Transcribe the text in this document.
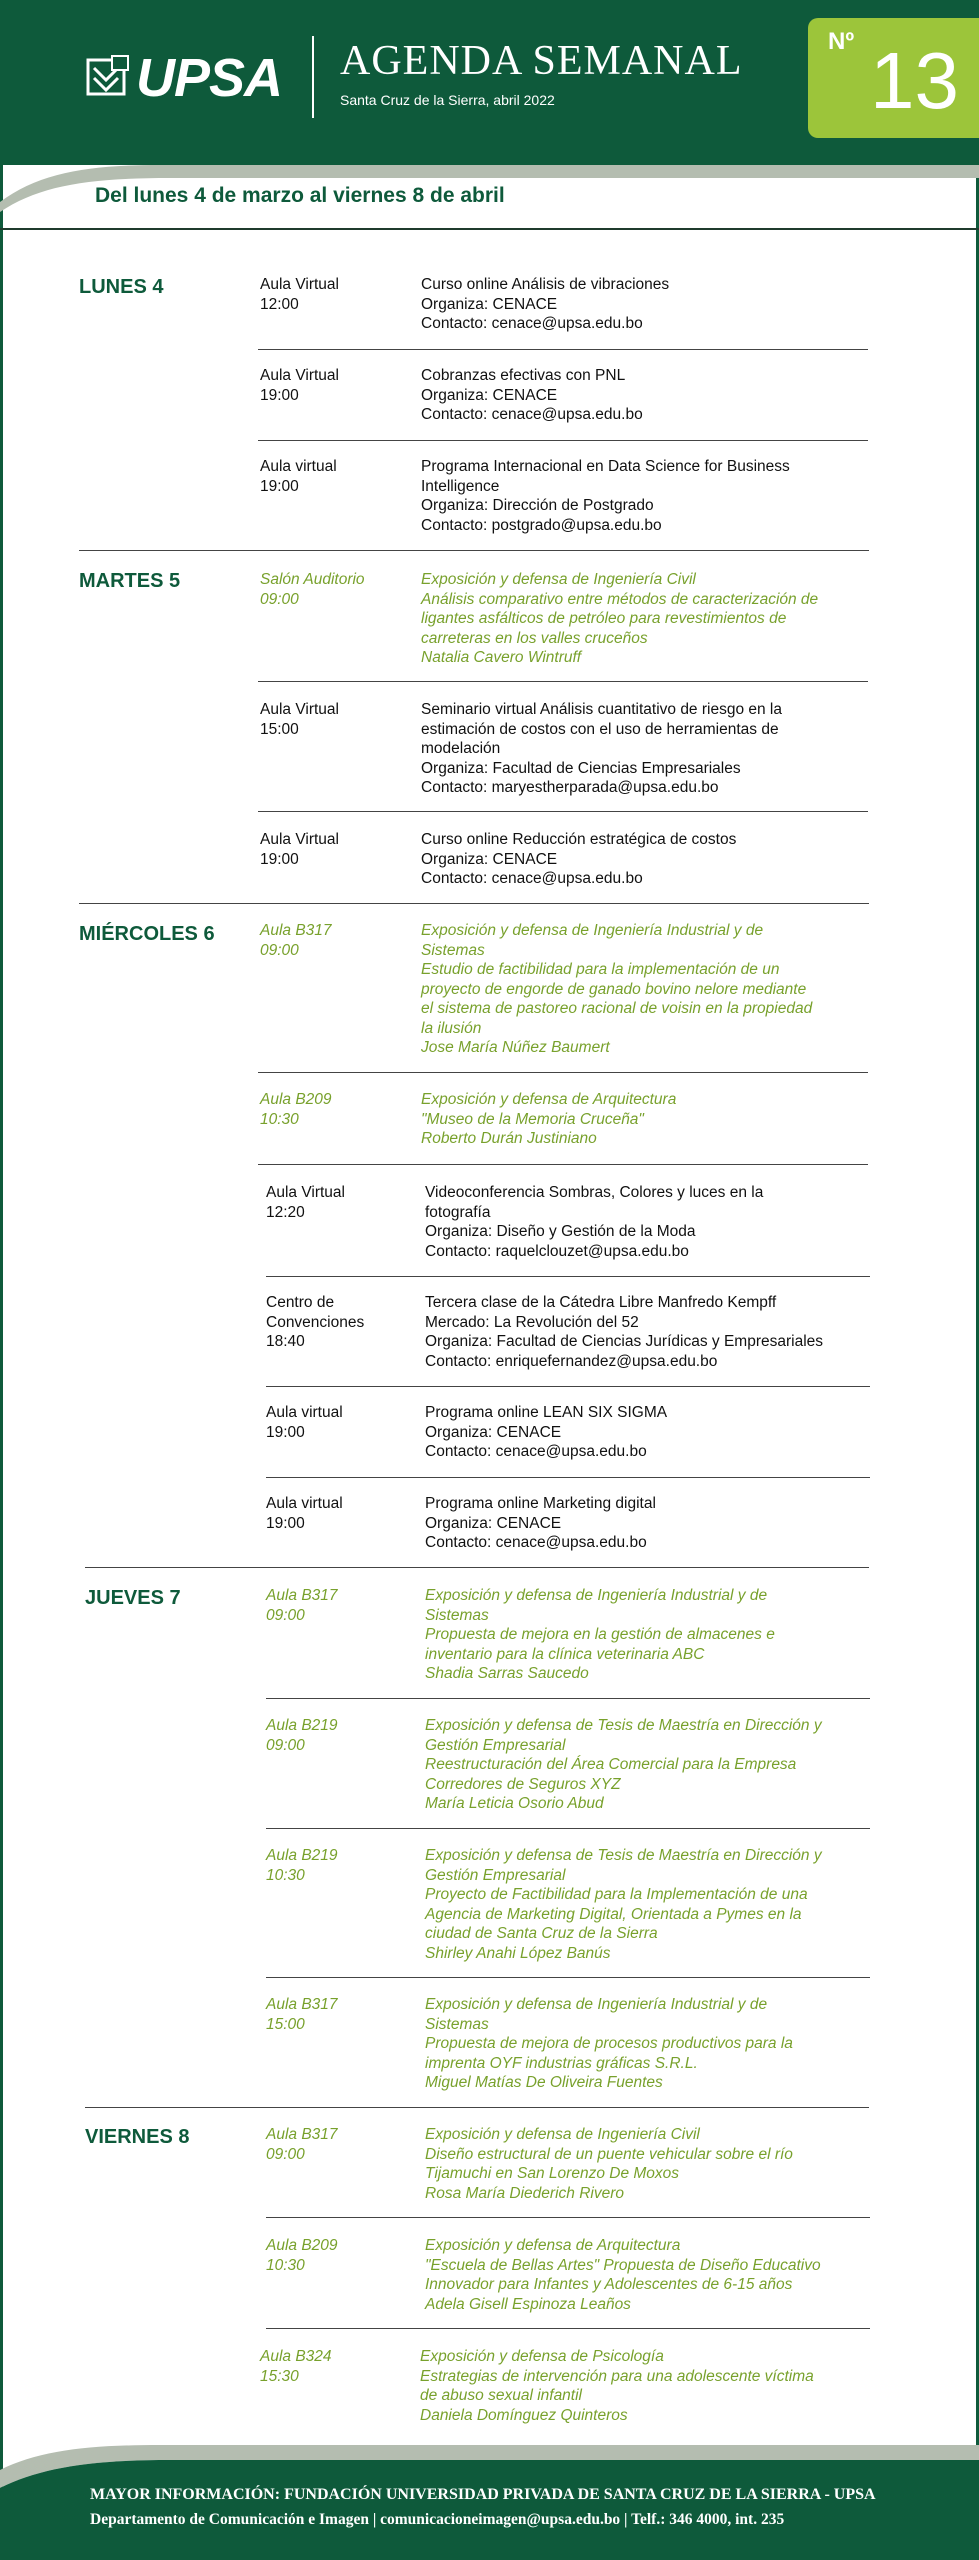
UPSA AGENDA SEMANAL
Santa Cruz de la Sierra, abril 2022
Nº 13
Del lunes 4 de marzo al viernes 8 de abril
LUNES 4
MARTES 5
MIÉRCOLES 6
JUEVES 7
VIERNES 8
Aula Virtual
12:00
Curso online Análisis de vibraciones
Organiza: CENACE
Contacto: cenace@upsa.edu.bo
Aula Virtual
19:00
Cobranzas efectivas con PNL
Organiza: CENACE
Contacto: cenace@upsa.edu.bo
Aula virtual
19:00
Programa Internacional en Data Science for Business
Intelligence
Organiza: Dirección de Postgrado
Contacto: postgrado@upsa.edu.bo
Salón Auditorio
09:00
Exposición y defensa de Ingeniería Civil
Análisis comparativo entre métodos de caracterización de
ligantes asfálticos de petróleo para revestimientos de
carreteras en los valles cruceños
Natalia Cavero Wintruff
Aula Virtual
15:00
Seminario virtual Análisis cuantitativo de riesgo en la
estimación de costos con el uso de herramientas de
modelación
Organiza: Facultad de Ciencias Empresariales
Contacto: maryestherparada@upsa.edu.bo
Aula Virtual
19:00
Curso online Reducción estratégica de costos
Organiza: CENACE
Contacto: cenace@upsa.edu.bo
Aula B317
09:00
Exposición y defensa de Ingeniería Industrial y de
Sistemas
Estudio de factibilidad para la implementación de un
proyecto de engorde de ganado bovino nelore mediante
el sistema de pastoreo racional de voisin en la propiedad
la ilusión
Jose María Núñez Baumert
Aula B209
10:30
Exposición y defensa de Arquitectura
"Museo de la Memoria Cruceña"
Roberto Durán Justiniano
Aula Virtual
12:20
Videoconferencia Sombras, Colores y luces en la
fotografía
Organiza: Diseño y Gestión de la Moda
Contacto: raquelclouzet@upsa.edu.bo
Centro de
Convenciones
18:40
Tercera clase de la Cátedra Libre Manfredo Kempff
Mercado: La Revolución del 52
Organiza: Facultad de Ciencias Jurídicas y Empresariales
Contacto: enriquefernandez@upsa.edu.bo
Aula virtual
19:00
Programa online LEAN SIX SIGMA
Organiza: CENACE
Contacto: cenace@upsa.edu.bo
Aula virtual
19:00
Programa online Marketing digital
Organiza: CENACE
Contacto: cenace@upsa.edu.bo
Aula B317
09:00
Exposición y defensa de Ingeniería Industrial y de
Sistemas
Propuesta de mejora en la gestión de almacenes e
inventario para la clínica veterinaria ABC
Shadia Sarras Saucedo
Aula B219
09:00
Exposición y defensa de Tesis de Maestría en Dirección y
Gestión Empresarial
Reestructuración del Área Comercial para la Empresa
Corredores de Seguros XYZ
María Leticia Osorio Abud
Aula B219
10:30
Exposición y defensa de Tesis de Maestría en Dirección y
Gestión Empresarial
Proyecto de Factibilidad para la Implementación de una
Agencia de Marketing Digital, Orientada a Pymes en la
ciudad de Santa Cruz de la Sierra
Shirley Anahi López Banús
Aula B317
15:00
Exposición y defensa de Ingeniería Industrial y de
Sistemas
Propuesta de mejora de procesos productivos para la
imprenta OYF industrias gráficas S.R.L.
Miguel Matías De Oliveira Fuentes
Aula B317
09:00
Exposición y defensa de Ingeniería Civil
Diseño estructural de un puente vehicular sobre el río
Tijamuchi en San Lorenzo De Moxos
Rosa María Diederich Rivero
Aula B209
10:30
Exposición y defensa de Arquitectura
"Escuela de Bellas Artes" Propuesta de Diseño Educativo
Innovador para Infantes y Adolescentes de 6-15 años
Adela Gisell Espinoza Leaños
Aula B324
15:30
Exposición y defensa de Psicología
Estrategias de intervención para una adolescente víctima
de abuso sexual infantil
Daniela Domínguez Quinteros
MAYOR INFORMACIÓN: FUNDACIÓN UNIVERSIDAD PRIVADA DE SANTA CRUZ DE LA SIERRA - UPSA
Departamento de Comunicación e Imagen | comunicacioneimagen@upsa.edu.bo | Telf.: 346 4000, int. 235
